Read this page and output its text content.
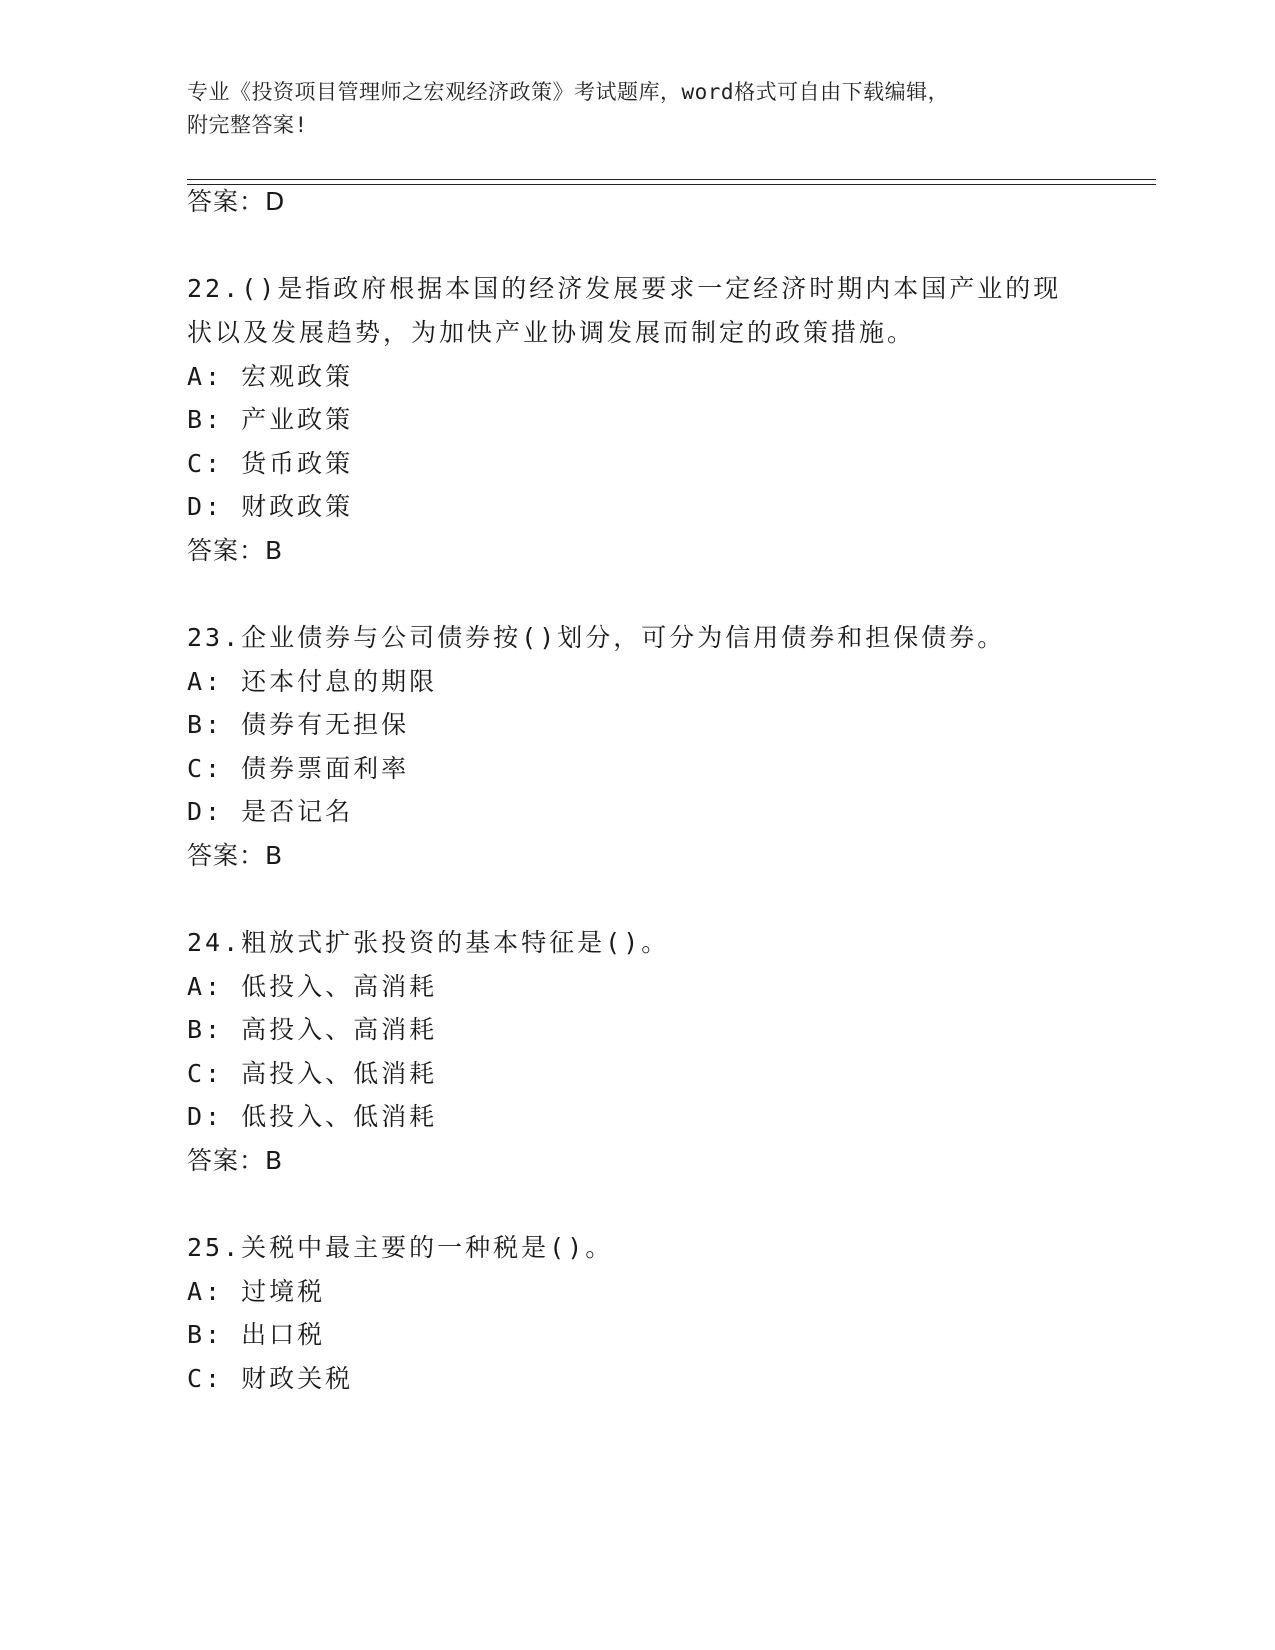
专业《投资项目管理师之宏观经济政策》考试题库，word格式可自由下载编辑，
附完整答案!
答案：D
22.()是指政府根据本国的经济发展要求一定经济时期内本国产业的现
状以及发展趋势，为加快产业协调发展而制定的政策措施。
A: 宏观政策
B: 产业政策
C: 货币政策
D: 财政政策
答案：B
23.企业债券与公司债券按()划分，可分为信用债券和担保债券。
A: 还本付息的期限
B: 债券有无担保
C: 债券票面利率
D: 是否记名
答案：B
24.粗放式扩张投资的基本特征是()。
A: 低投入、高消耗
B: 高投入、高消耗
C: 高投入、低消耗
D: 低投入、低消耗
答案：B
25.关税中最主要的一种税是()。
A: 过境税
B: 出口税
C: 财政关税
